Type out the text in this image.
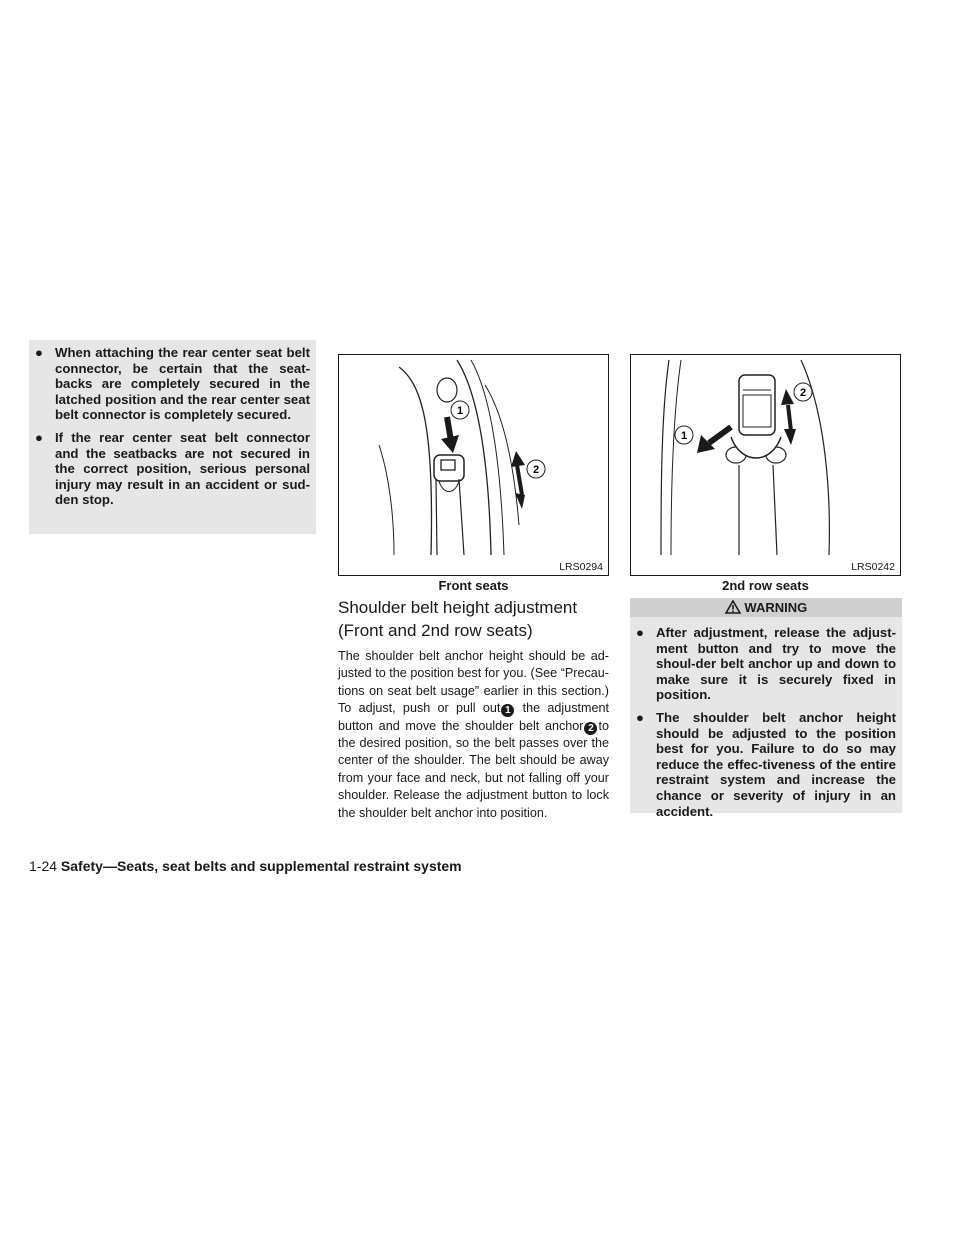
● When attaching the rear center seat belt connector, be certain that the seat-backs are completely secured in the latched position and the rear center seat belt connector is completely secured.
● If the rear center seat belt connector and the seatbacks are not secured in the correct position, serious personal injury may result in an accident or sud-den stop.
1
2
LRS0294
Front seats
1
2
LRS0242
2nd row seats
Shoulder belt height adjustment (Front and 2nd row seats)
The shoulder belt anchor height should be ad-justed to the position best for you. (See “Precau-tions on seat belt usage” earlier in this section.) To adjust, push or pull out 1 the adjustment button and move the shoulder belt anchor 2 to the desired position, so the belt passes over the center of the shoulder. The belt should be away from your face and neck, but not falling off your shoulder. Release the adjustment button to lock the shoulder belt anchor into position.
WARNING
● After adjustment, release the adjust-ment button and try to move the shoul-der belt anchor up and down to make sure it is securely fixed in position.
● The shoulder belt anchor height should be adjusted to the position best for you. Failure to do so may reduce the effec-tiveness of the entire restraint system and increase the chance or severity of injury in an accident.
1-24 Safety—Seats, seat belts and supplemental restraint system
